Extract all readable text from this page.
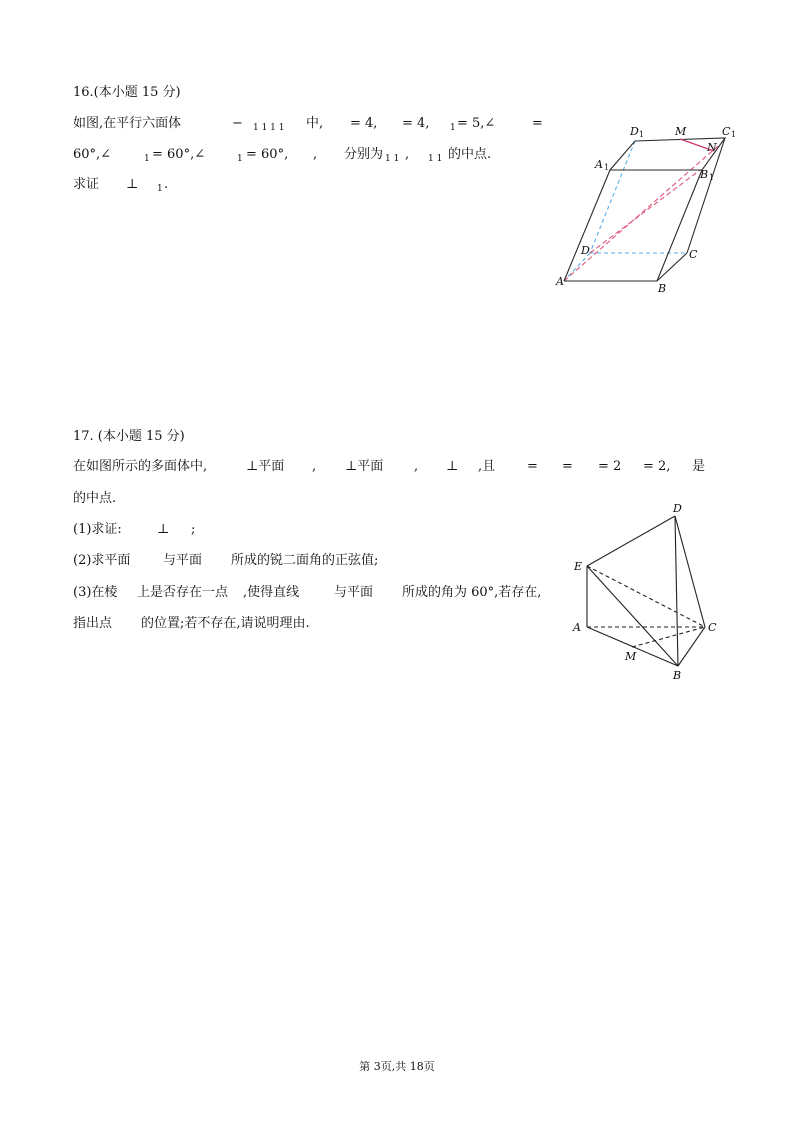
16.(本小题 15 分)
如图,在平行六面体	− $_{1 1 1 1}$ 中, = 4, = 4, $_1$ = 5,∠	=
60°,∠	$_1$ = 60°,∠	$_1$ = 60°, , 分别为 $_{1 1}$ , $_{1 1}$ 的中点.
求证 ⊥ $_1$ .
D 1	M	C 1
N
A 1
B 1
D	C
A
B
17. (本小题 15 分)
在如图所示的多面体中,	⊥平面 , ⊥平面 , ⊥ ,且 = = = 2 = 2, 是
的中点.
(1)求证:	⊥ ;
(2)求平面	与平面 所成的锐二面角的正弦值;
(3)在棱 上是否存在一点 ,使得直线	与平面 所成的角为 60°,若存在,
指出点 的位置;若不存在,请说明理由.
D
E
A	C
M
B
第 3页,共 18页
